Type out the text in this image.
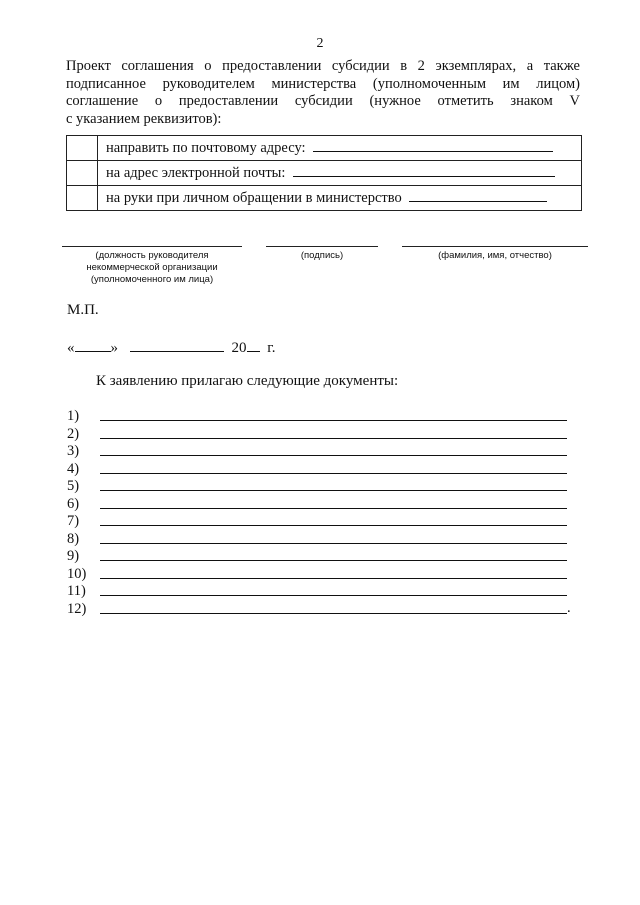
2
Проект соглашения о предоставлении субсидии в 2 экземплярах, а также
подписанное руководителем министерства (уполномоченным им лицом)
соглашение о предоставлении субсидии (нужное отметить знаком V
с указанием реквизитов):
	направить по почтовому адресу:
	на адрес электронной почты:
	на руки при личном обращении в министерство
(должность руководителя
некоммерческой организации
(уполномоченного им лица)
(подпись)	(фамилия, имя, отчество)
М.П.
« »	20 г.
К заявлению прилагаю следующие документы:
1)
2)
3)
4)
5)
6)
7)
8)
9)
10)
11)
12)	.
